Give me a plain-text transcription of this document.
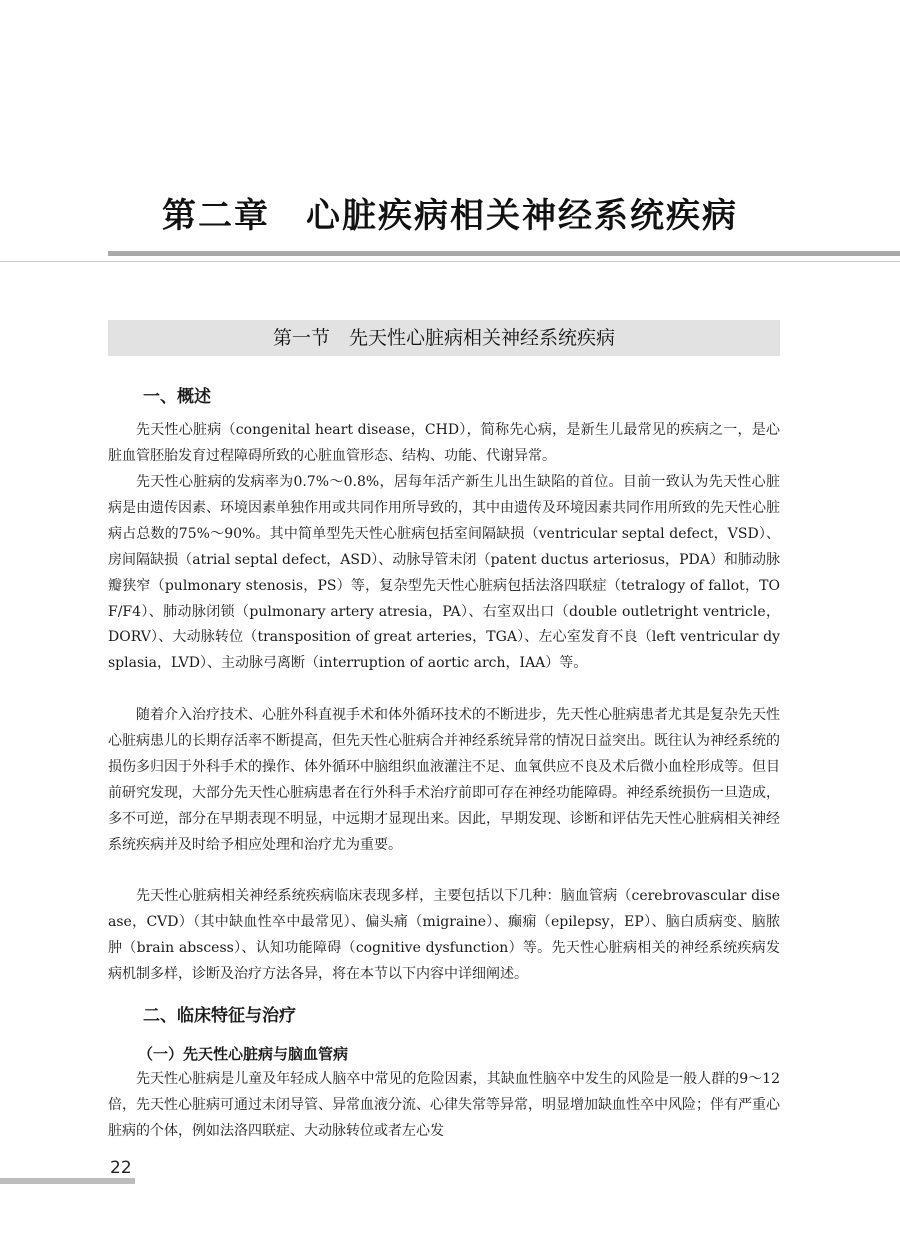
第二章　心脏疾病相关神经系统疾病
第一节　先天性心脏病相关神经系统疾病
一、概述

先天性心脏病（congenital heart disease，CHD），简称先心病，是新生儿最常见的疾病之一，是心脏血管胚胎发育过程障碍所致的心脏血管形态、结构、功能、代谢异常。

先天性心脏病的发病率为0.7%～0.8%，居每年活产新生儿出生缺陷的首位。目前一致认为先天性心脏病是由遗传因素、环境因素单独作用或共同作用所导致的，其中由遗传及环境因素共同作用所致的先天性心脏病占总数的75%～90%。其中简单型先天性心脏病包括室间隔缺损（ventricular septal defect，VSD）、房间隔缺损（atrial septal defect，ASD）、动脉导管未闭（patent ductus arteriosus，PDA）和肺动脉瓣狭窄（pulmonary stenosis，PS）等，复杂型先天性心脏病包括法洛四联症（tetralogy of fallot，TOF/F4）、肺动脉闭锁（pulmonary artery atresia，PA）、右室双出口（double outletright ventricle，DORV）、大动脉转位（transposition of great arteries，TGA）、左心室发育不良（left ventricular dysplasia，LVD）、主动脉弓离断（interruption of aortic arch，IAA）等。

随着介入治疗技术、心脏外科直视手术和体外循环技术的不断进步，先天性心脏病患者尤其是复杂先天性心脏病患儿的长期存活率不断提高，但先天性心脏病合并神经系统异常的情况日益突出。既往认为神经系统的损伤多归因于外科手术的操作、体外循环中脑组织血液灌注不足、血氧供应不良及术后微小血栓形成等。但目前研究发现，大部分先天性心脏病患者在行外科手术治疗前即可存在神经功能障碍。神经系统损伤一旦造成，多不可逆，部分在早期表现不明显，中远期才显现出来。因此，早期发现、诊断和评估先天性心脏病相关神经系统疾病并及时给予相应处理和治疗尤为重要。

先天性心脏病相关神经系统疾病临床表现多样，主要包括以下几种：脑血管病（cerebrovascular disease，CVD）（其中缺血性卒中最常见）、偏头痛（migraine）、癫痫（epilepsy，EP）、脑白质病变、脑脓肿（brain abscess）、认知功能障碍（cognitive dysfunction）等。先天性心脏病相关的神经系统疾病发病机制多样，诊断及治疗方法各异，将在本节以下内容中详细阐述。

二、临床特征与治疗
（一）先天性心脏病与脑血管病

先天性心脏病是儿童及年轻成人脑卒中常见的危险因素，其缺血性脑卒中发生的风险是一般人群的9～12倍，先天性心脏病可通过未闭导管、异常血液分流、心律失常等异常，明显增加缺血性卒中风险；伴有严重心脏病的个体，例如法洛四联症、大动脉转位或者左心发

22
